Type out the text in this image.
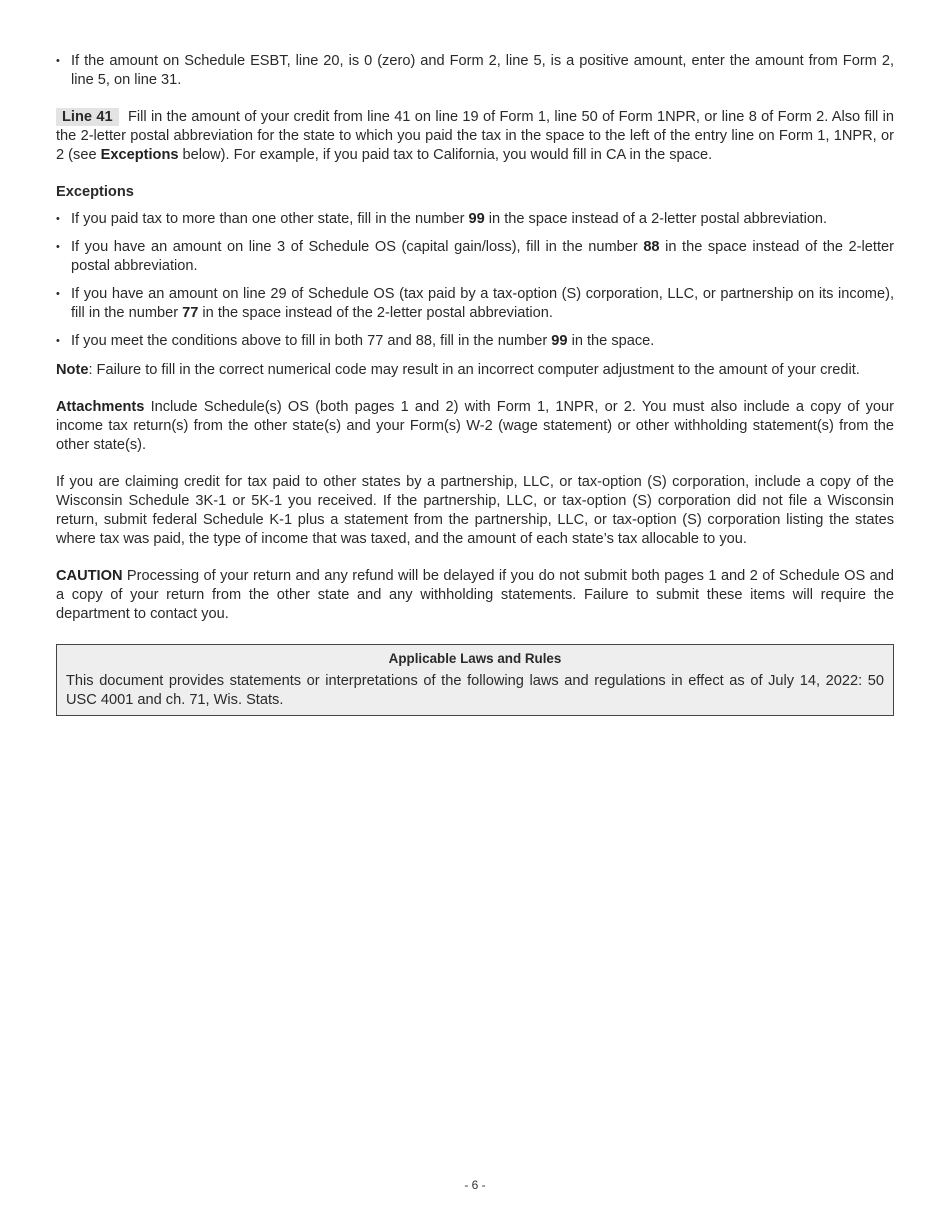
• If the amount on Schedule ESBT, line 20, is 0 (zero) and Form 2, line 5, is a positive amount, enter the amount from Form 2, line 5, on line 31.

Line 41 Fill in the amount of your credit from line 41 on line 19 of Form 1, line 50 of Form 1NPR, or line 8 of Form 2. Also fill in the 2-letter postal abbreviation for the state to which you paid the tax in the space to the left of the entry line on Form 1, 1NPR, or 2 (see Exceptions below). For example, if you paid tax to California, you would fill in CA in the space.

Exceptions
• If you paid tax to more than one other state, fill in the number 99 in the space instead of a 2-letter postal abbreviation.
• If you have an amount on line 3 of Schedule OS (capital gain/loss), fill in the number 88 in the space instead of the 2-letter postal abbreviation.
• If you have an amount on line 29 of Schedule OS (tax paid by a tax-option (S) corporation, LLC, or partnership on its income), fill in the number 77 in the space instead of the 2-letter postal abbreviation.
• If you meet the conditions above to fill in both 77 and 88, fill in the number 99 in the space.

Note: Failure to fill in the correct numerical code may result in an incorrect computer adjustment to the amount of your credit.

Attachments Include Schedule(s) OS (both pages 1 and 2) with Form 1, 1NPR, or 2. You must also include a copy of your income tax return(s) from the other state(s) and your Form(s) W-2 (wage statement) or other withholding statement(s) from the other state(s).

If you are claiming credit for tax paid to other states by a partnership, LLC, or tax-option (S) corporation, include a copy of the Wisconsin Schedule 3K-1 or 5K-1 you received. If the partnership, LLC, or tax-option (S) corporation did not file a Wisconsin return, submit federal Schedule K-1 plus a statement from the partnership, LLC, or tax-option (S) corporation listing the states where tax was paid, the type of income that was taxed, and the amount of each state’s tax allocable to you.

CAUTION Processing of your return and any refund will be delayed if you do not submit both pages 1 and 2 of Schedule OS and a copy of your return from the other state and any withholding statements. Failure to submit these items will require the department to contact you.

Applicable Laws and Rules

This document provides statements or interpretations of the following laws and regulations in effect as of July 14, 2022: 50 USC 4001 and ch. 71, Wis. Stats.

- 6 -
